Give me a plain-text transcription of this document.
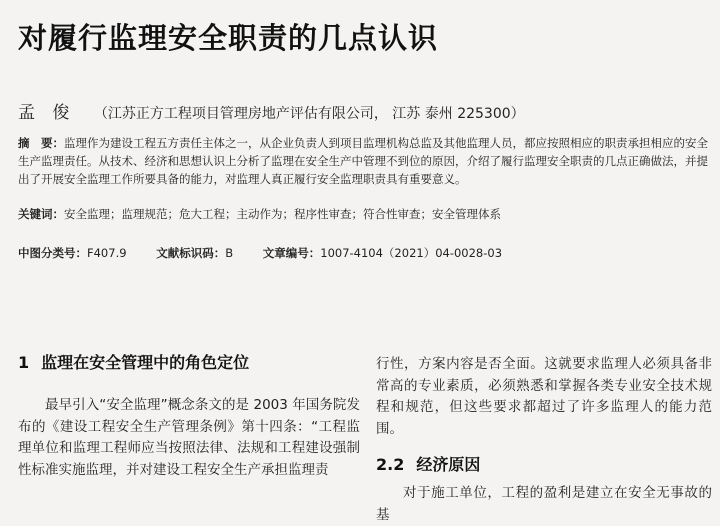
对履行监理安全职责的几点认识
孟 俊 （江苏正方工程项目管理房地产评估有限公司， 江苏 泰州 225300）
摘　要：监理作为建设工程五方责任主体之一，从企业负责人到项目监理机构总监及其他监理人员，都应按照相应的职责承担相应的安全生产监理责任。从技术、经济和思想认识上分析了监理在安全生产中管理不到位的原因，介绍了履行监理安全职责的几点正确做法，并提出了开展安全监理工作所要具备的能力，对监理人真正履行安全监理职责具有重要意义。
关键词：安全监理；监理规范；危大工程；主动作为；程序性审查；符合性审查；安全管理体系
中图分类号：F407.9	文献标识码：B	文章编号：1007-4104（2021）04-0028-03
1 监理在安全管理中的角色定位
最早引入“安全监理”概念条文的是 2003 年国务院发布的《建设工程安全生产管理条例》第十四条：“工程监理单位和监理工程师应当按照法律、法规和工程建设强制性标准实施监理，并对建设工程安全生产承担监理责
行性，方案内容是否全面。这就要求监理人必须具备非常高的专业素质，必须熟悉和掌握各类专业安全技术规程和规范，但这些要求都超过了许多监理人的能力范围。
2.2 经济原因
对于施工单位，工程的盈利是建立在安全无事故的基
